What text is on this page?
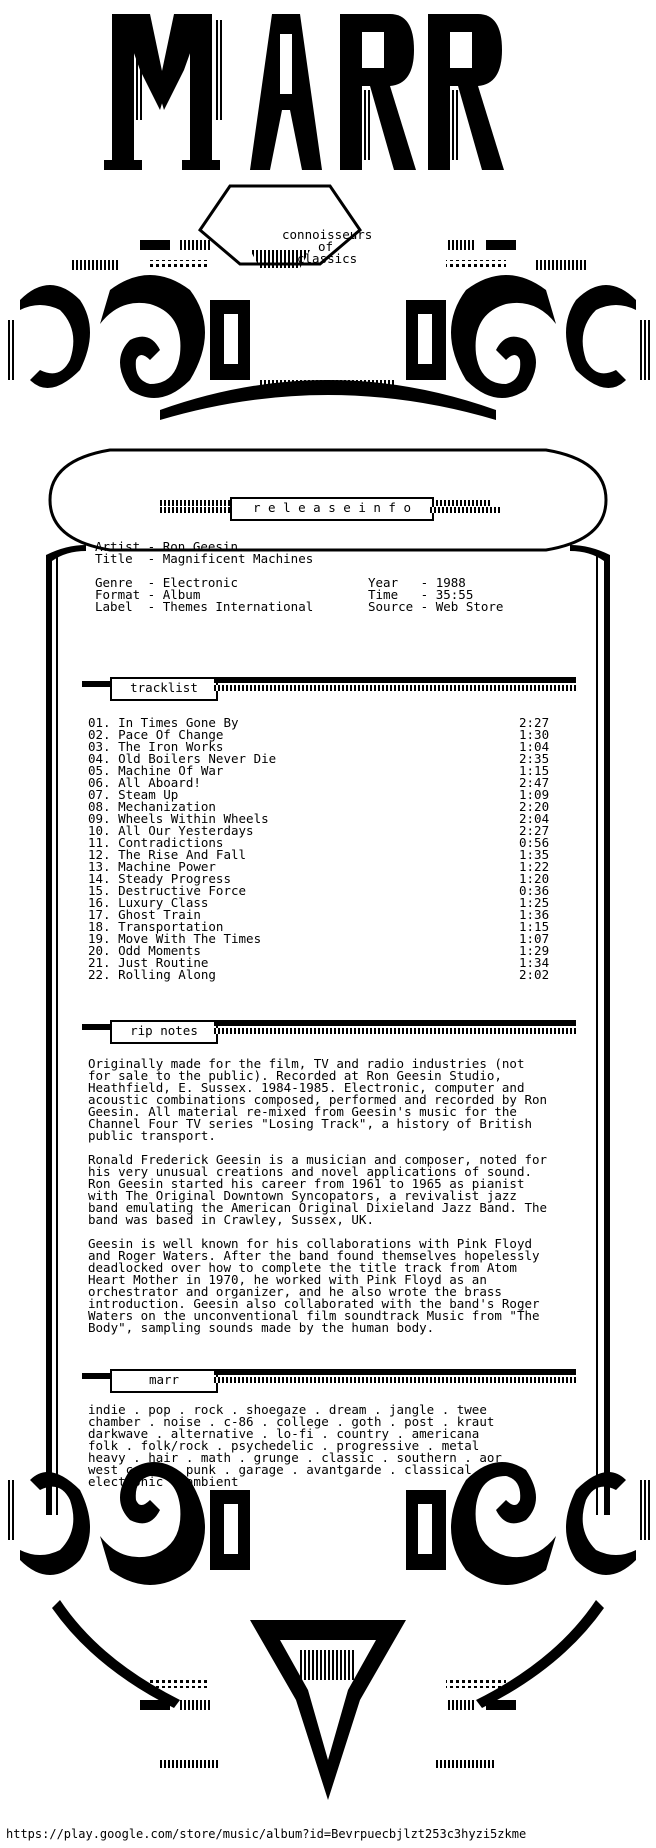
connoisseurs
of
classics
r e l e a s e i n f o
Artist - Ron Geesin
Title  - Magnificent Machines
Genre  - Electronic
Format - Album
Label  - Themes International
Year   - 1988
Time   - 35:55
Source - Web Store
tracklist
01. In Times Gone By	2:27
02. Pace Of Change	1:30
03. The Iron Works	1:04
04. Old Boilers Never Die	2:35
05. Machine Of War	1:15
06. All Aboard!	2:47
07. Steam Up	1:09
08. Mechanization	2:20
09. Wheels Within Wheels	2:04
10. All Our Yesterdays	2:27
11. Contradictions	0:56
12. The Rise And Fall	1:35
13. Machine Power	1:22
14. Steady Progress	1:20
15. Destructive Force	0:36
16. Luxury Class	1:25
17. Ghost Train	1:36
18. Transportation	1:15
19. Move With The Times	1:07
20. Odd Moments	1:29
21. Just Routine	1:34
22. Rolling Along	2:02
rip notes
Originally made for the film, TV and radio industries (not
for sale to the public). Recorded at Ron Geesin Studio,
Heathfield, E. Sussex. 1984-1985. Electronic, computer and
acoustic combinations composed, performed and recorded by Ron
Geesin. All material re-mixed from Geesin's music for the
Channel Four TV series "Losing Track", a history of British
public transport.
Ronald Frederick Geesin is a musician and composer, noted for
his very unusual creations and novel applications of sound.
Ron Geesin started his career from 1961 to 1965 as pianist
with The Original Downtown Syncopators, a revivalist jazz
band emulating the American Original Dixieland Jazz Band. The
band was based in Crawley, Sussex, UK.
Geesin is well known for his collaborations with Pink Floyd
and Roger Waters. After the band found themselves hopelessly
deadlocked over how to complete the title track from Atom
Heart Mother in 1970, he worked with Pink Floyd as an
orchestrator and organizer, and he also wrote the brass
introduction. Geesin also collaborated with the band's Roger
Waters on the unconventional film soundtrack Music from "The
Body", sampling sounds made by the human body.
marr
indie . pop . rock . shoegaze . dream . jangle . twee
chamber . noise . c-86 . college . goth . post . kraut
darkwave . alternative . lo-fi . country . americana
folk . folk/rock . psychedelic . progressive . metal
heavy . hair . math . grunge . classic . southern . aor
west coast . punk . garage . avantgarde . classical
electronic . ambient
https://play.google.com/store/music/album?id=Bevrpuecbjlzt253c3hyzi5zkme
